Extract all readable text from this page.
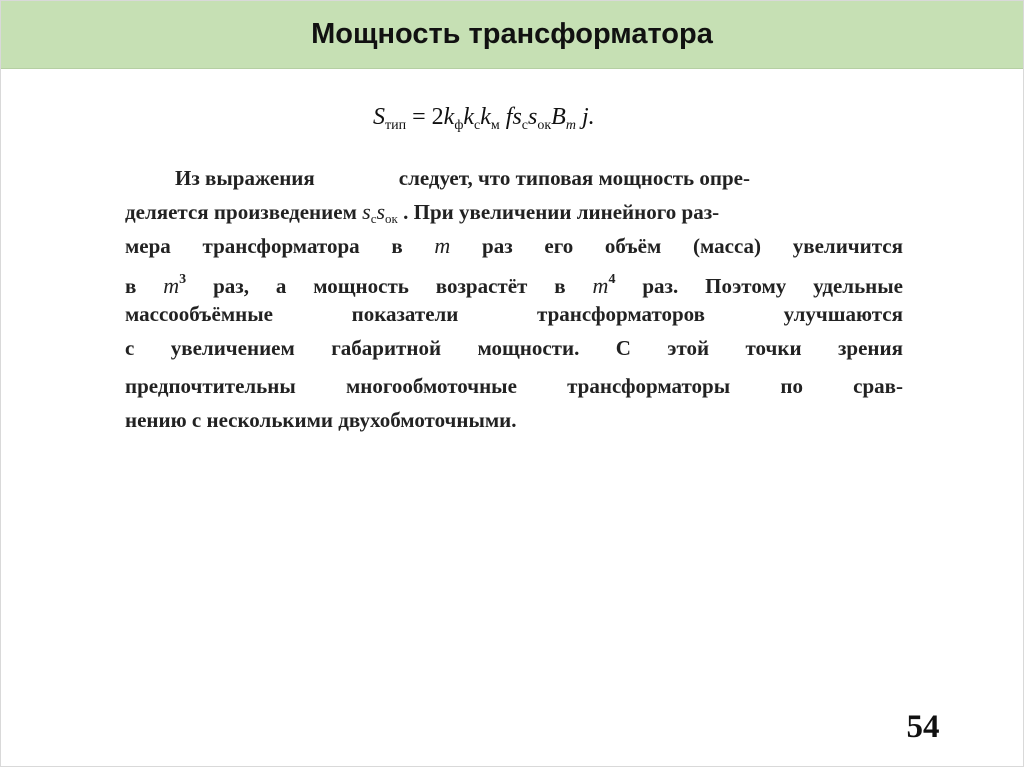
Мощность трансформатора
$S_{тип} = 2k_фk_ck_м$ $fs_cs_{ок}B_m$ j.
Из выражения	следует, что типовая мощность опре-
деляется произведением $s_cs_{ок}$ . При увеличении линейного раз-
мера трансформатора в m раз его объём (масса) увеличится
в $m^3$ раз, а мощность возрастёт в $m^4$ раз. Поэтому удельные
массообъёмные показатели трансформаторов улучшаются
с увеличением габаритной мощности. С этой точки зрения
предпочтительны многообмоточные трансформаторы по срав-
нению с несколькими двухобмоточными.
54
